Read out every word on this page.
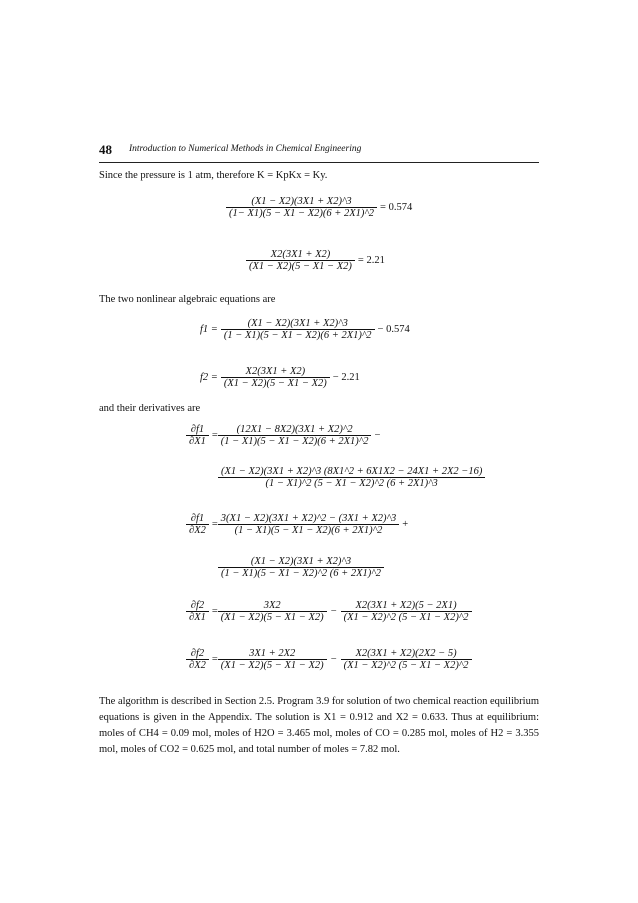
48 Introduction to Numerical Methods in Chemical Engineering
Since the pressure is 1 atm, therefore K = KpKx = Ky.
$\frac{(X1 - X2)(3X1 + X2)\^{}3}{(1- X1)(5 - X1 - X2)(6 + 2X1)\^{}2} = 0.574$
$\frac{X2(3X1 + X2)}{(X1 - X2)(5 - X1 - X2)} = 2.21$
The two nonlinear algebraic equations are
$f1 = \frac{(X1 - X2)(3X1 + X2)\^{}3}{(1 - X1)(5 - X1 - X2)(6 + 2X1)\^{}2} - 0.574$
$f2 = \frac{X2(3X1 + X2)}{(X1 - X2)(5 - X1 - X2)} - 2.21$
and their derivatives are
$\frac{\partial f1}{\partial X1} = \frac{(12X1 - 8X2)(3X1 + X2)\^{}2}{(1 - X1)(5 - X1 - X2)(6 + 2X1)\^{}2}$ −
$\frac{(X1 - X2)(3X1 + X2)\^{}3 (8X1\^{}2 + 6X1X2 - 24X1 + 2X2 -16)}{(1 - X1)\^{}2 (5 - X1 - X2)\^{}2 (6 + 2X1)\^{}3}$
$\frac{\partial f1}{\partial X2} = \frac{3(X1 - X2)(3X1 + X2)\^{}2 - (3X1 + X2)\^{}3}{(1 - X1)(5 - X1 - X2)(6 + 2X1)\^{}2}$ +
$\frac{(X1 - X2)(3X1 + X2)\^{}3}{(1 - X1)(5 - X1 - X2)\^{}2 (6 + 2X1)\^{}2}$
$\frac{\partial f2}{\partial X1} = \frac{3X2}{(X1 - X2)(5 - X1 - X2)} - \frac{X2(3X1 + X2)(5 - 2X1)}{(X1 - X2)\^{}2 (5 - X1 - X2)\^{}2}$
$\frac{\partial f2}{\partial X2} = \frac{3X1 + 2X2}{(X1 - X2)(5 - X1 - X2)} - \frac{X2(3X1 + X2)(2X2 - 5)}{(X1 - X2)\^{}2 (5 - X1 - X2)\^{}2}$
The algorithm is described in Section 2.5. Program 3.9 for solution of two chemical reaction equilibrium equations is given in the Appendix. The solution is X1 = 0.912 and X2 = 0.633. Thus at equilibrium: moles of CH4 = 0.09 mol, moles of H2O = 3.465 mol, moles of CO = 0.285 mol, moles of H2 = 3.355 mol, moles of CO2 = 0.625 mol, and total number of moles = 7.82 mol.
